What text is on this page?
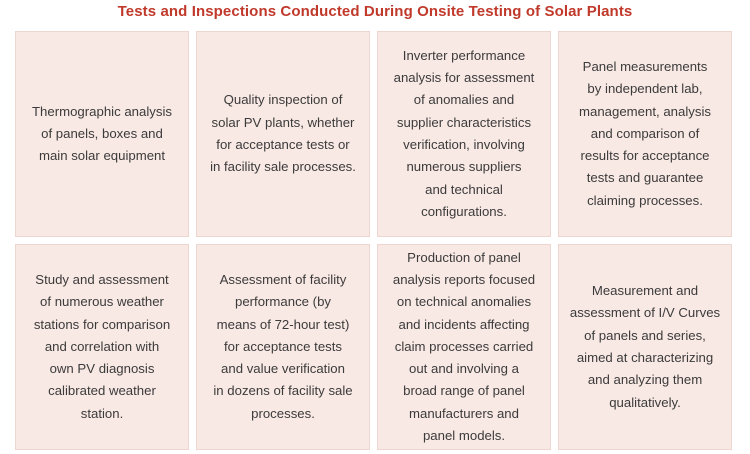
Tests and Inspections Conducted During Onsite Testing of Solar Plants
Thermographic analysis
of panels, boxes and
main solar equipment
Quality inspection of
solar PV plants, whether
for acceptance tests or
in facility sale processes.
Inverter performance
analysis for assessment
of anomalies and
supplier characteristics
verification, involving
numerous suppliers
and technical
configurations.
Panel measurements
by independent lab,
management, analysis
and comparison of
results for acceptance
tests and guarantee
claiming processes.
Study and assessment
of numerous weather
stations for comparison
and correlation with
own PV diagnosis
calibrated weather
station.
Assessment of facility
performance (by
means of 72-hour test)
for acceptance tests
and value verification
in dozens of facility sale
processes.
Production of panel
analysis reports focused
on technical anomalies
and incidents affecting
claim processes carried
out and involving a
broad range of panel
manufacturers and
panel models.
Measurement and
assessment of I/V Curves
of panels and series,
aimed at characterizing
and analyzing them
qualitatively.
